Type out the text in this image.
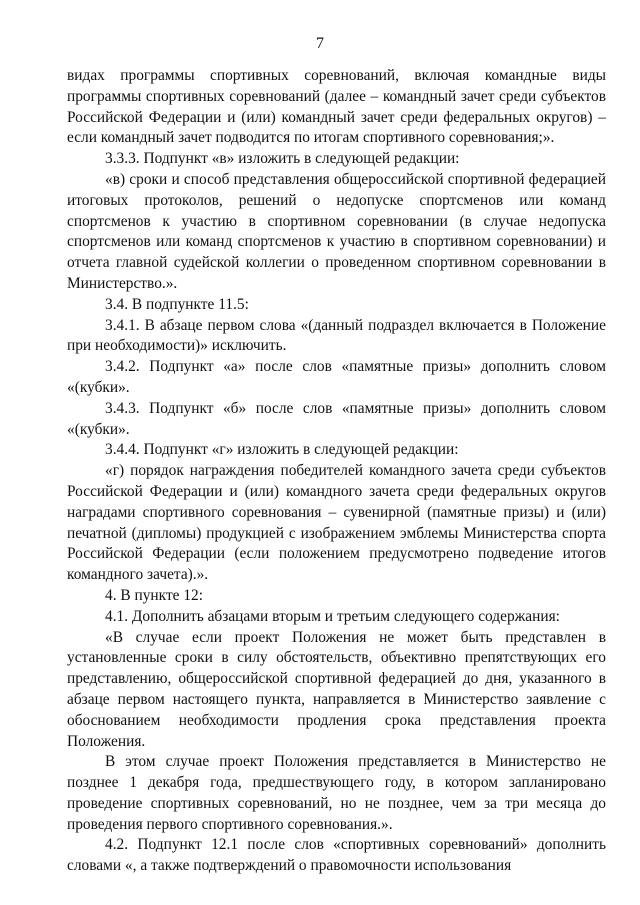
7

видах программы спортивных соревнований, включая командные виды программы спортивных соревнований (далее – командный зачет среди субъектов Российской Федерации и (или) командный зачет среди федеральных округов) – если командный зачет подводится по итогам спортивного соревнования;».

3.3.3. Подпункт «в» изложить в следующей редакции:

«в) сроки и способ представления общероссийской спортивной федерацией итоговых протоколов, решений о недопуске спортсменов или команд спортсменов к участию в спортивном соревновании (в случае недопуска спортсменов или команд спортсменов к участию в спортивном соревновании) и отчета главной судейской коллегии о проведенном спортивном соревновании в Министерство.».

3.4. В подпункте 11.5:

3.4.1. В абзаце первом слова «(данный подраздел включается в Положение при необходимости)» исключить.

3.4.2. Подпункт «а» после слов «памятные призы» дополнить словом «(кубки».

3.4.3. Подпункт «б» после слов «памятные призы» дополнить словом «(кубки».

3.4.4. Подпункт «г» изложить в следующей редакции:

«г) порядок награждения победителей командного зачета среди субъектов Российской Федерации и (или) командного зачета среди федеральных округов наградами спортивного соревнования – сувенирной (памятные призы) и (или) печатной (дипломы) продукцией с изображением эмблемы Министерства спорта Российской Федерации (если положением предусмотрено подведение итогов командного зачета).».

4. В пункте 12:

4.1. Дополнить абзацами вторым и третьим следующего содержания:

«В случае если проект Положения не может быть представлен в установленные сроки в силу обстоятельств, объективно препятствующих его представлению, общероссийской спортивной федерацией до дня, указанного в абзаце первом настоящего пункта, направляется в Министерство заявление с обоснованием необходимости продления срока представления проекта Положения.

В этом случае проект Положения представляется в Министерство не позднее 1 декабря года, предшествующего году, в котором запланировано проведение спортивных соревнований, но не позднее, чем за три месяца до проведения первого спортивного соревнования.».

4.2. Подпункт 12.1 после слов «спортивных соревнований» дополнить словами «, а также подтверждений о правомочности использования
